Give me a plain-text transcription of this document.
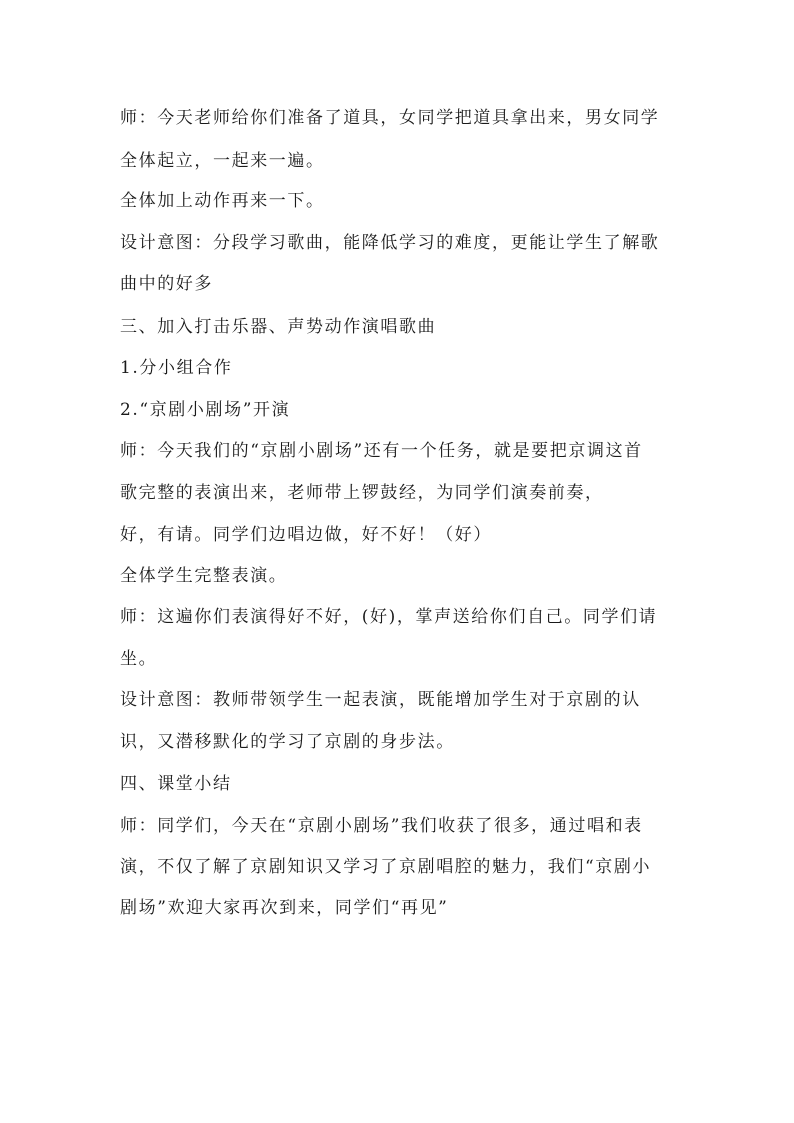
师：今天老师给你们准备了道具，女同学把道具拿出来，男女同学
全体起立，一起来一遍。
全体加上动作再来一下。
设计意图：分段学习歌曲，能降低学习的难度，更能让学生了解歌
曲中的好多
三、加入打击乐器、声势动作演唱歌曲
1.分小组合作
2.“京剧小剧场”开演
师：今天我们的“京剧小剧场”还有一个任务，就是要把京调这首
歌完整的表演出来，老师带上锣鼓经，为同学们演奏前奏，
好，有请。同学们边唱边做，好不好！（好）
全体学生完整表演。
师：这遍你们表演得好不好，(好)，掌声送给你们自己。同学们请
坐。
设计意图：教师带领学生一起表演，既能增加学生对于京剧的认
识，又潜移默化的学习了京剧的身步法。
四、课堂小结
师：同学们，今天在“京剧小剧场”我们收获了很多，通过唱和表
演，不仅了解了京剧知识又学习了京剧唱腔的魅力，我们“京剧小
剧场”欢迎大家再次到来，同学们“再见”
